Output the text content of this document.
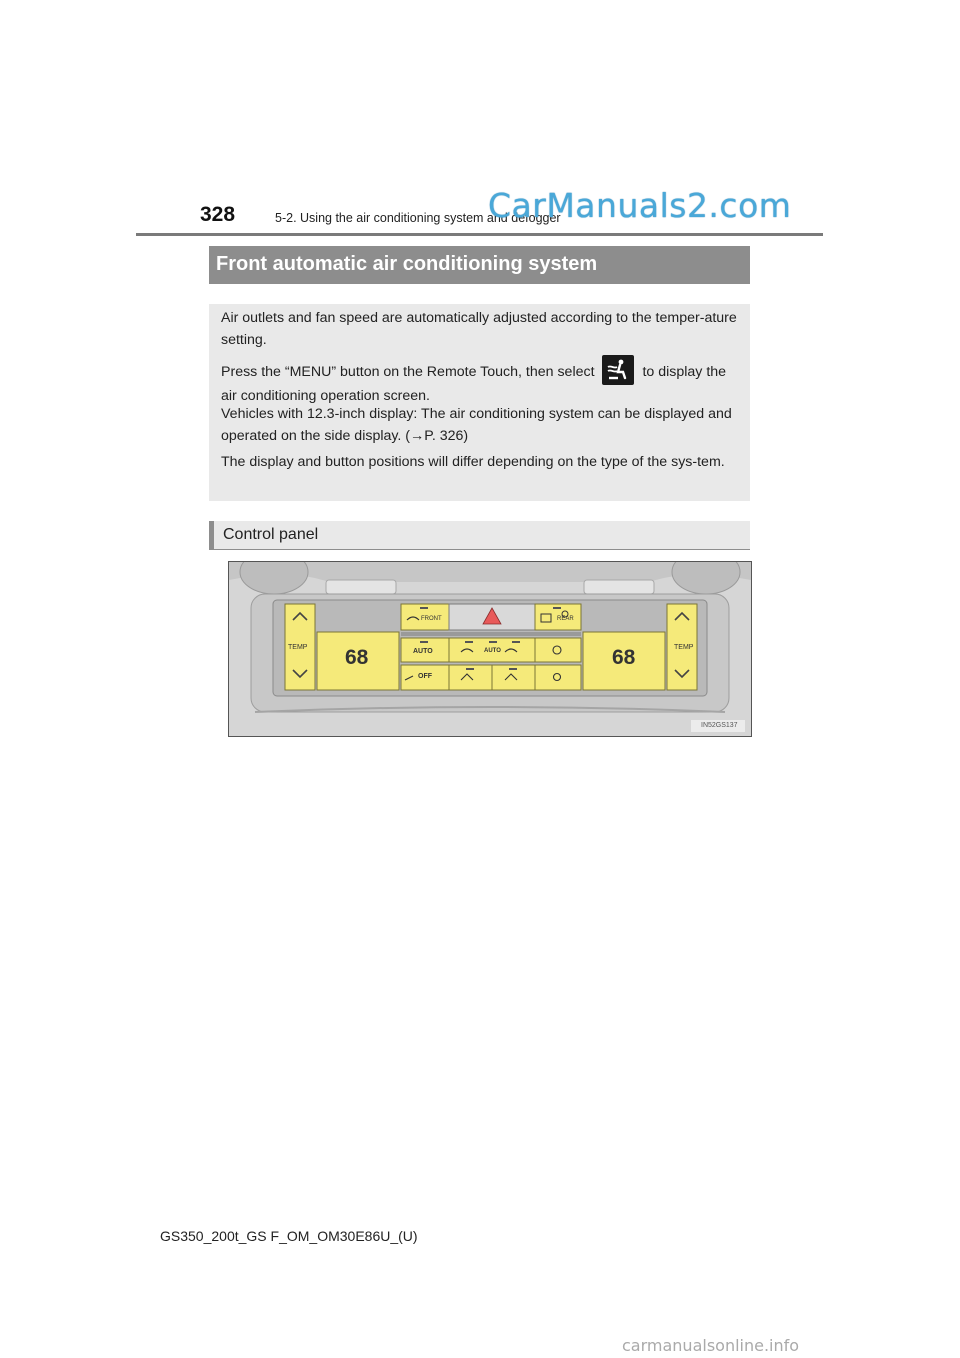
328	5-2. Using the air conditioning system and defogger
CarManuals2.com
Front automatic air conditioning system

Air outlets and fan speed are automatically adjusted according to the temper-ature setting.

Press the “MENU” button on the Remote Touch, then select	to display the air conditioning operation screen.

Vehicles with 12.3-inch display: The air conditioning system can be displayed and operated on the side display. (→P. 326)

The display and button positions will differ depending on the type of the sys-tem.

Control panel
TEMP 68	TEMP
68
FRONT	REAR
AUTO	AUTO
OFF
IN52GS137
GS350_200t_GS F_OM_OM30E86U_(U)
carmanualsonline.info
